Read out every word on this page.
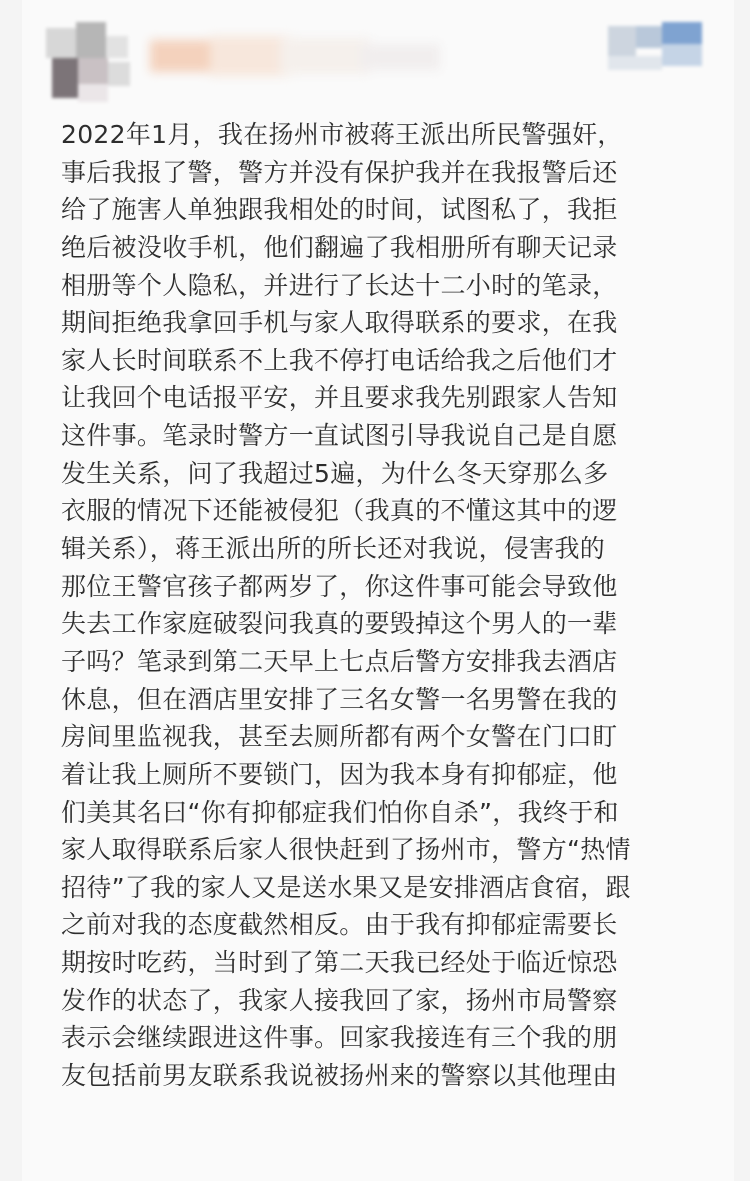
2022年1月，我在扬州市被蒋王派出所民警强奸，
事后我报了警，警方并没有保护我并在我报警后还
给了施害人单独跟我相处的时间，试图私了，我拒
绝后被没收手机，他们翻遍了我相册所有聊天记录
相册等个人隐私，并进行了长达十二小时的笔录，
期间拒绝我拿回手机与家人取得联系的要求，在我
家人长时间联系不上我不停打电话给我之后他们才
让我回个电话报平安，并且要求我先别跟家人告知
这件事。笔录时警方一直试图引导我说自己是自愿
发生关系，问了我超过5遍，为什么冬天穿那么多
衣服的情况下还能被侵犯（我真的不懂这其中的逻
辑关系），蒋王派出所的所长还对我说，侵害我的
那位王警官孩子都两岁了，你这件事可能会导致他
失去工作家庭破裂问我真的要毁掉这个男人的一辈
子吗？笔录到第二天早上七点后警方安排我去酒店
休息，但在酒店里安排了三名女警一名男警在我的
房间里监视我，甚至去厕所都有两个女警在门口盯
着让我上厕所不要锁门，因为我本身有抑郁症，他
们美其名曰“你有抑郁症我们怕你自杀”，我终于和
家人取得联系后家人很快赶到了扬州市，警方“热情
招待”了我的家人又是送水果又是安排酒店食宿，跟
之前对我的态度截然相反。由于我有抑郁症需要长
期按时吃药，当时到了第二天我已经处于临近惊恐
发作的状态了，我家人接我回了家，扬州市局警察
表示会继续跟进这件事。回家我接连有三个我的朋
友包括前男友联系我说被扬州来的警察以其他理由
